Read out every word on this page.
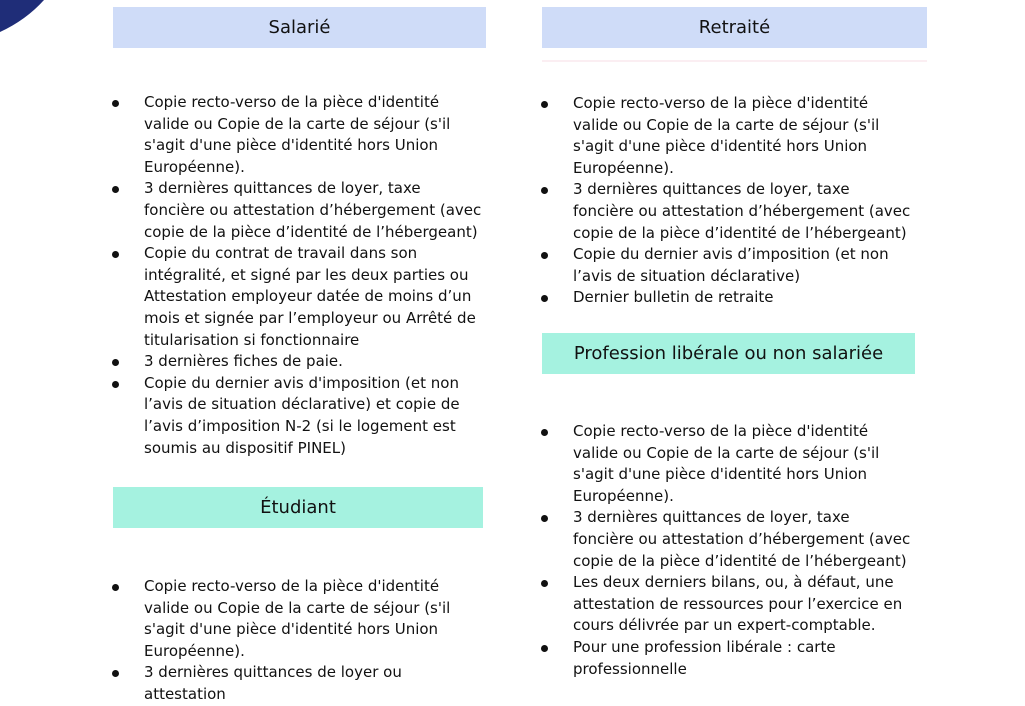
Salarié
Copie recto-verso de la pièce d'identité valide ou Copie de la carte de séjour (s'il s'agit d'une pièce d'identité hors Union Européenne).
3 dernières quittances de loyer, taxe foncière ou attestation d’hébergement (avec copie de la pièce d’identité de l’hébergeant)
Copie du contrat de travail dans son intégralité, et signé par les deux parties ou Attestation employeur datée de moins d’un mois et signée par l’employeur ou Arrêté de titularisation si fonctionnaire
3 dernières fiches de paie.
Copie du dernier avis d'imposition (et non l’avis de situation déclarative) et copie de l’avis d’imposition N-2 (si le logement est soumis au dispositif PINEL)
Étudiant
Copie recto-verso de la pièce d'identité valide ou Copie de la carte de séjour (s'il s'agit d'une pièce d'identité hors Union Européenne).
3 dernières quittances de loyer ou attestation
Retraité
Copie recto-verso de la pièce d'identité valide ou Copie de la carte de séjour (s'il s'agit d'une pièce d'identité hors Union Européenne).
3 dernières quittances de loyer, taxe foncière ou attestation d’hébergement (avec copie de la pièce d’identité de l’hébergeant)
Copie du dernier avis d’imposition (et non l’avis de situation déclarative)
Dernier bulletin de retraite
Profession libérale ou non salariée
Copie recto-verso de la pièce d'identité valide ou Copie de la carte de séjour (s'il s'agit d'une pièce d'identité hors Union Européenne).
3 dernières quittances de loyer, taxe foncière ou attestation d’hébergement (avec copie de la pièce d’identité de l’hébergeant)
Les deux derniers bilans, ou, à défaut, une attestation de ressources pour l’exercice en cours délivrée par un expert-comptable.
Pour une profession libérale : carte professionnelle
